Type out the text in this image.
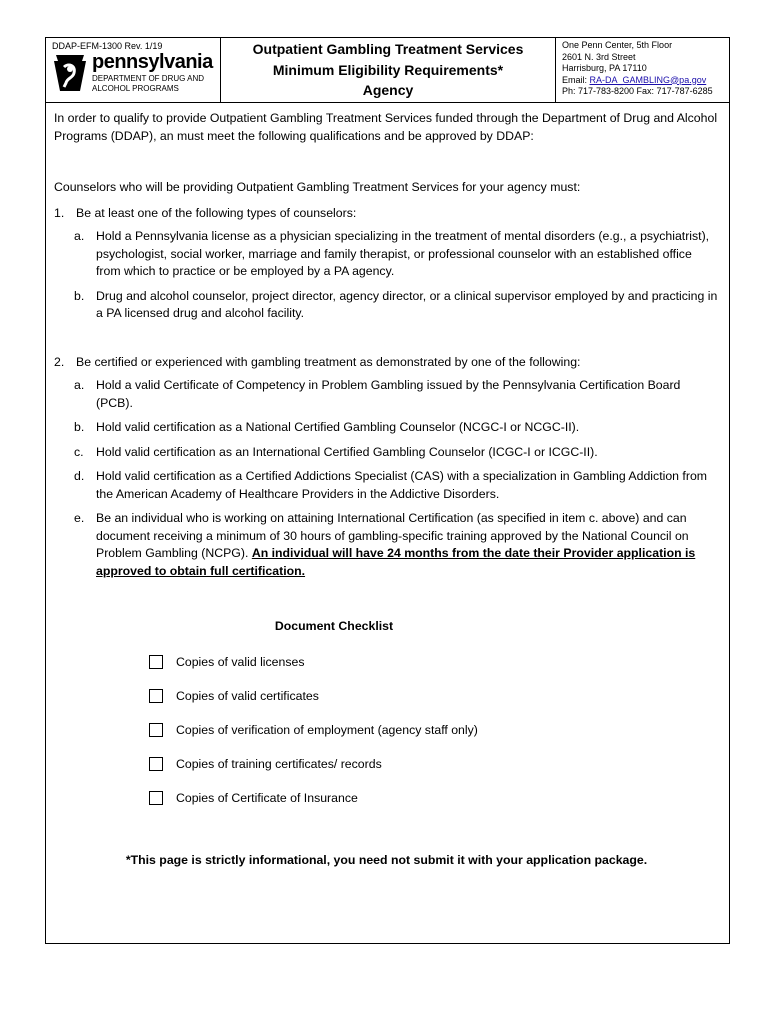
DDAP-EFM-1300 Rev. 1/19
pennsylvania
DEPARTMENT OF DRUG AND
ALCOHOL PROGRAMS
Outpatient Gambling Treatment Services
Minimum Eligibility Requirements*
Agency
One Penn Center, 5th Floor
2601 N. 3rd Street
Harrisburg, PA 17110
Email: RA-DA_GAMBLING@pa.gov
Ph: 717-783-8200 Fax: 717-787-6285

In order to qualify to provide Outpatient Gambling Treatment Services funded through the Department of Drug and Alcohol Programs (DDAP), an must meet the following qualifications and be approved by DDAP:

Counselors who will be providing Outpatient Gambling Treatment Services for your agency must:

1. Be at least one of the following types of counselors:
a. Hold a Pennsylvania license as a physician specializing in the treatment of mental disorders (e.g., a psychiatrist), psychologist, social worker, marriage and family therapist, or professional counselor with an established office from which to practice or be employed by a PA agency.
b. Drug and alcohol counselor, project director, agency director, or a clinical supervisor employed by and practicing in a PA licensed drug and alcohol facility.
2. Be certified or experienced with gambling treatment as demonstrated by one of the following:
a. Hold a valid Certificate of Competency in Problem Gambling issued by the Pennsylvania Certification Board (PCB).
b. Hold valid certification as a National Certified Gambling Counselor (NCGC-I or NCGC-II).
c. Hold valid certification as an International Certified Gambling Counselor (ICGC-I or ICGC-II).
d. Hold valid certification as a Certified Addictions Specialist (CAS) with a specialization in Gambling Addiction from the American Academy of Healthcare Providers in the Addictive Disorders.
e. Be an individual who is working on attaining International Certification (as specified in item c. above) and can document receiving a minimum of 30 hours of gambling-specific training approved by the National Council on Problem Gambling (NCPG). An individual will have 24 months from the date their Provider application is approved to obtain full certification.
Document Checklist
Copies of valid licenses
Copies of valid certificates
Copies of verification of employment (agency staff only)
Copies of training certificates/ records
Copies of Certificate of Insurance
*This page is strictly informational, you need not submit it with your application package.
